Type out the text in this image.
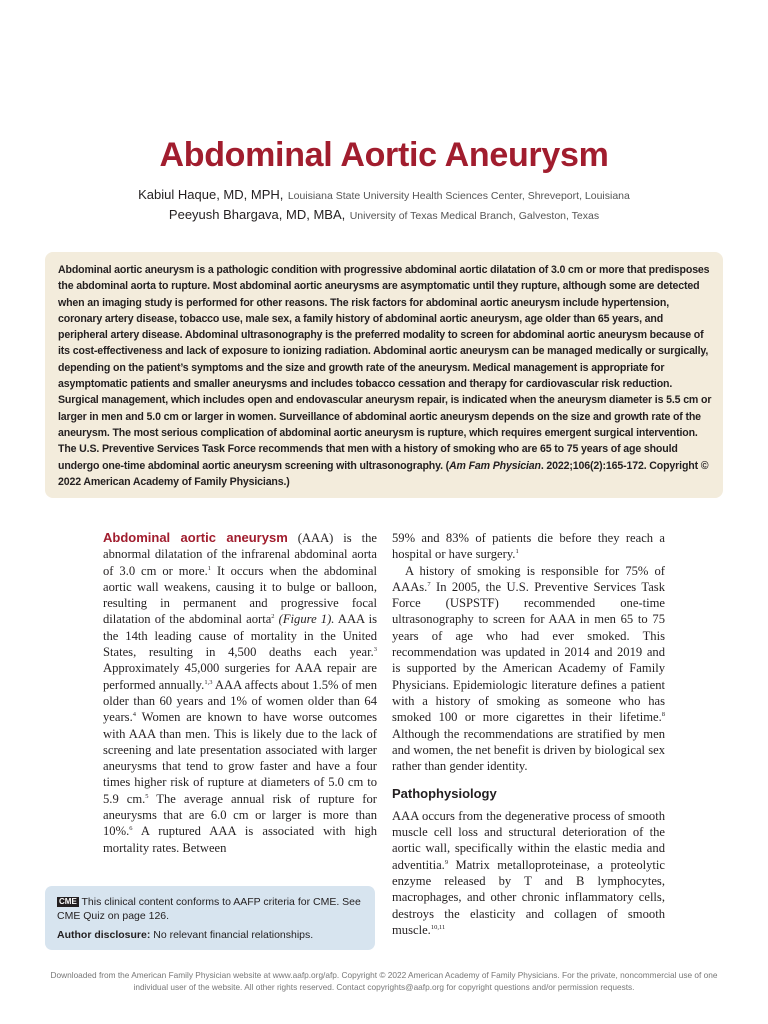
Abdominal Aortic Aneurysm
Kabiul Haque, MD, MPH, Louisiana State University Health Sciences Center, Shreveport, Louisiana
Peeyush Bhargava, MD, MBA, University of Texas Medical Branch, Galveston, Texas
Abdominal aortic aneurysm is a pathologic condition with progressive abdominal aortic dilatation of 3.0 cm or more that predisposes the abdominal aorta to rupture. Most abdominal aortic aneurysms are asymptomatic until they rupture, although some are detected when an imaging study is performed for other reasons. The risk factors for abdominal aortic aneurysm include hypertension, coronary artery disease, tobacco use, male sex, a family history of abdominal aortic aneurysm, age older than 65 years, and peripheral artery disease. Abdominal ultrasonography is the preferred modality to screen for abdominal aortic aneurysm because of its cost-effectiveness and lack of exposure to ionizing radiation. Abdominal aortic aneurysm can be managed medically or surgically, depending on the patient’s symptoms and the size and growth rate of the aneurysm. Medical management is appropriate for asymptomatic patients and smaller aneurysms and includes tobacco cessation and therapy for cardiovascular risk reduction. Surgical management, which includes open and endovascular aneurysm repair, is indicated when the aneurysm diameter is 5.5 cm or larger in men and 5.0 cm or larger in women. Surveillance of abdominal aortic aneurysm depends on the size and growth rate of the aneurysm. The most serious complication of abdominal aortic aneurysm is rupture, which requires emergent surgical intervention. The U.S. Preventive Services Task Force recommends that men with a history of smoking who are 65 to 75 years of age should undergo one-time abdominal aortic aneurysm screening with ultrasonography. (Am Fam Physician. 2022;106(2):165-172. Copyright © 2022 American Academy of Family Physicians.)

Abdominal aortic aneurysm (AAA) is the abnormal dilatation of the infrarenal abdominal aorta of 3.0 cm or more.$^1$ It occurs when the abdominal aortic wall weakens, causing it to bulge or balloon, resulting in permanent and progressive focal dilatation of the abdominal aorta$^2$ (Figure 1). AAA is the 14th leading cause of mortality in the United States, resulting in 4,500 deaths each year.$^3$ Approximately 45,000 surgeries for AAA repair are performed annually.$^{1,3}$ AAA affects about 1.5% of men older than 60 years and 1% of women older than 64 years.$^4$ Women are known to have worse outcomes with AAA than men. This is likely due to the lack of screening and late presentation associated with larger aneurysms that tend to grow faster and have a four times higher risk of rupture at diameters of 5.0 cm to 5.9 cm.$^5$ The average annual risk of rupture for aneurysms that are 6.0 cm or larger is more than 10%.$^6$ A ruptured AAA is associated with high mortality rates. Between

59% and 83% of patients die before they reach a hospital or have surgery.$^1$

A history of smoking is responsible for 75% of AAAs.$^7$ In 2005, the U.S. Preventive Services Task Force (USPSTF) recommended one-time ultrasonography to screen for AAA in men 65 to 75 years of age who had ever smoked. This recommendation was updated in 2014 and 2019 and is supported by the American Academy of Family Physicians. Epidemiologic literature defines a patient with a history of smoking as someone who has smoked 100 or more cigarettes in their lifetime.$^8$ Although the recommendations are stratified by men and women, the net benefit is driven by biological sex rather than gender identity.

Pathophysiology

AAA occurs from the degenerative process of smooth muscle cell loss and structural deterioration of the aortic wall, specifically within the elastic media and adventitia.$^9$ Matrix metalloproteinase, a proteolytic enzyme released by T and B lymphocytes, macrophages, and other chronic inflammatory cells, destroys the elasticity and collagen of smooth muscle.$^{10,11}$

CME This clinical content conforms to AAFP criteria for CME. See CME Quiz on page 126.

Author disclosure: No relevant financial relationships.

Downloaded from the American Family Physician website at www.aafp.org/afp. Copyright © 2022 American Academy of Family Physicians. For the private, noncommercial use of one individual user of the website. All other rights reserved. Contact copyrights@aafp.org for copyright questions and/or permission requests.
